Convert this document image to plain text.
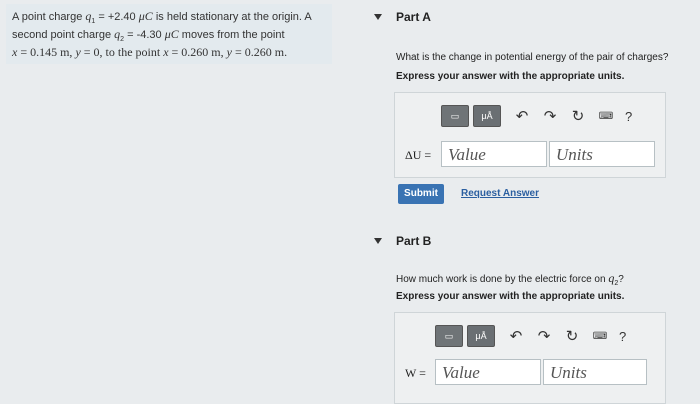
A point charge $q_1 = +2.40$ μC is held stationary at the origin. A
second point charge $q_2 = -4.30$ μC moves from the point
x = 0.145 m, y = 0, to the point x = 0.260 m, y = 0.260 m.
Part A
What is the change in potential energy of the pair of charges?
Express your answer with the appropriate units.
▭ μÅ ↶ ↷ ↻ ⌨ ?
ΔU = Value	Units
Submit	Request Answer
Part B
How much work is done by the electric force on $q_2$?
Express your answer with the appropriate units.
▭ μÅ ↶ ↷ ↻ ⌨ ?
W = Value	Units
